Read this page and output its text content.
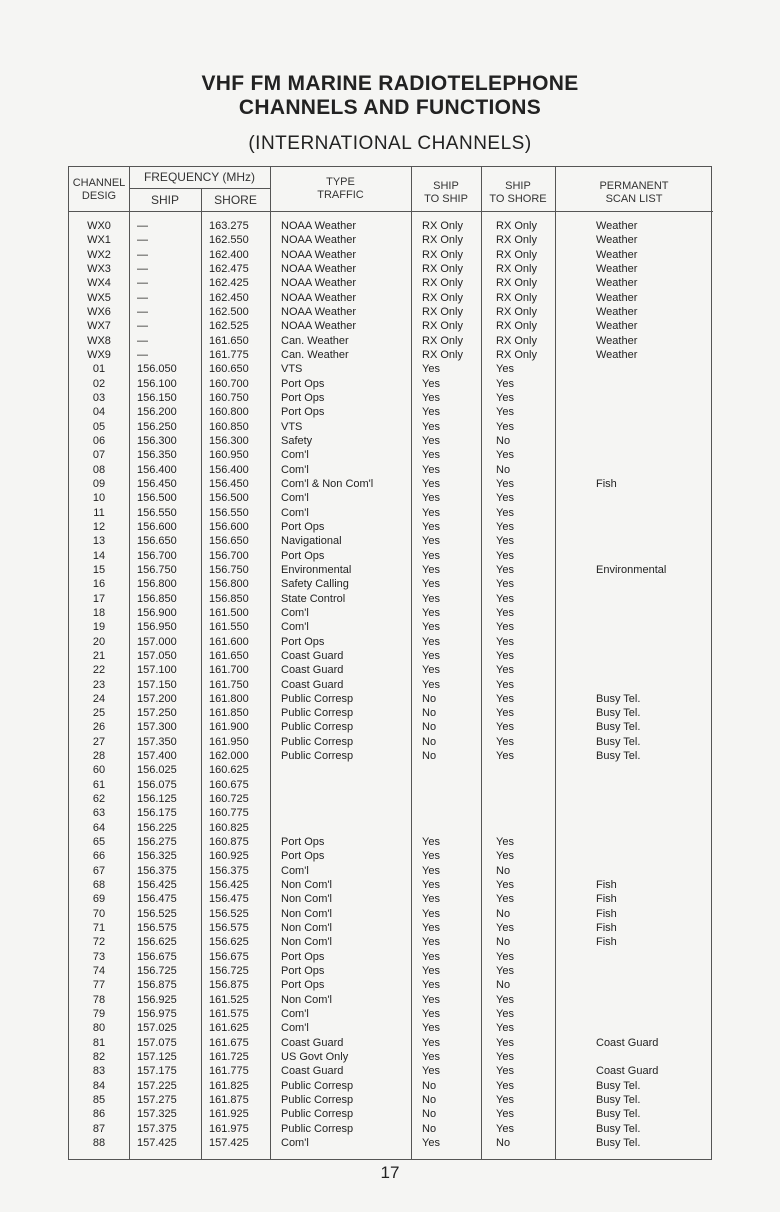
VHF FM MARINE RADIOTELEPHONE
CHANNELS AND FUNCTIONS
(INTERNATIONAL CHANNELS)
CHANNEL
DESIG
FREQUENCY (MHz)
SHIP	SHORE
TYPE
TRAFFIC
SHIP
TO SHIP
SHIP
TO SHORE
PERMANENT
SCAN LIST
WX0	—	163.275	NOAA Weather	RX Only	RX Only	Weather
WX1	—	162.550	NOAA Weather	RX Only	RX Only	Weather
WX2	—	162.400	NOAA Weather	RX Only	RX Only	Weather
WX3	—	162.475	NOAA Weather	RX Only	RX Only	Weather
WX4	—	162.425	NOAA Weather	RX Only	RX Only	Weather
WX5	—	162.450	NOAA Weather	RX Only	RX Only	Weather
WX6	—	162.500	NOAA Weather	RX Only	RX Only	Weather
WX7	—	162.525	NOAA Weather	RX Only	RX Only	Weather
WX8	—	161.650	Can. Weather	RX Only	RX Only	Weather
WX9	—	161.775	Can. Weather	RX Only	RX Only	Weather
01	156.050	160.650	VTS	Yes	Yes
02	156.100	160.700	Port Ops	Yes	Yes
03	156.150	160.750	Port Ops	Yes	Yes
04	156.200	160.800	Port Ops	Yes	Yes
05	156.250	160.850	VTS	Yes	Yes
06	156.300	156.300	Safety	Yes	No
07	156.350	160.950	Com'l	Yes	Yes
08	156.400	156.400	Com'l	Yes	No
09	156.450	156.450	Com'l & Non Com'l	Yes	Yes	Fish
10	156.500	156.500	Com'l	Yes	Yes
11	156.550	156.550	Com'l	Yes	Yes
12	156.600	156.600	Port Ops	Yes	Yes
13	156.650	156.650	Navigational	Yes	Yes
14	156.700	156.700	Port Ops	Yes	Yes
15	156.750	156.750	Environmental	Yes	Yes	Environmental
16	156.800	156.800	Safety Calling	Yes	Yes
17	156.850	156.850	State Control	Yes	Yes
18	156.900	161.500	Com'l	Yes	Yes
19	156.950	161.550	Com'l	Yes	Yes
20	157.000	161.600	Port Ops	Yes	Yes
21	157.050	161.650	Coast Guard	Yes	Yes
22	157.100	161.700	Coast Guard	Yes	Yes
23	157.150	161.750	Coast Guard	Yes	Yes
24	157.200	161.800	Public Corresp	No	Yes	Busy Tel.
25	157.250	161.850	Public Corresp	No	Yes	Busy Tel.
26	157.300	161.900	Public Corresp	No	Yes	Busy Tel.
27	157.350	161.950	Public Corresp	No	Yes	Busy Tel.
28	157.400	162.000	Public Corresp	No	Yes	Busy Tel.
60	156.025	160.625
61	156.075	160.675
62	156.125	160.725
63	156.175	160.775
64	156.225	160.825
65	156.275	160.875	Port Ops	Yes	Yes
66	156.325	160.925	Port Ops	Yes	Yes
67	156.375	156.375	Com'l	Yes	No
68	156.425	156.425	Non Com'l	Yes	Yes	Fish
69	156.475	156.475	Non Com'l	Yes	Yes	Fish
70	156.525	156.525	Non Com'l	Yes	No	Fish
71	156.575	156.575	Non Com'l	Yes	Yes	Fish
72	156.625	156.625	Non Com'l	Yes	No	Fish
73	156.675	156.675	Port Ops	Yes	Yes
74	156.725	156.725	Port Ops	Yes	Yes
77	156.875	156.875	Port Ops	Yes	No
78	156.925	161.525	Non Com'l	Yes	Yes
79	156.975	161.575	Com'l	Yes	Yes
80	157.025	161.625	Com'l	Yes	Yes
81	157.075	161.675	Coast Guard	Yes	Yes	Coast Guard
82	157.125	161.725	US Govt Only	Yes	Yes
83	157.175	161.775	Coast Guard	Yes	Yes	Coast Guard
84	157.225	161.825	Public Corresp	No	Yes	Busy Tel.
85	157.275	161.875	Public Corresp	No	Yes	Busy Tel.
86	157.325	161.925	Public Corresp	No	Yes	Busy Tel.
87	157.375	161.975	Public Corresp	No	Yes	Busy Tel.
88	157.425	157.425	Com'l	Yes	No	Busy Tel.
17
